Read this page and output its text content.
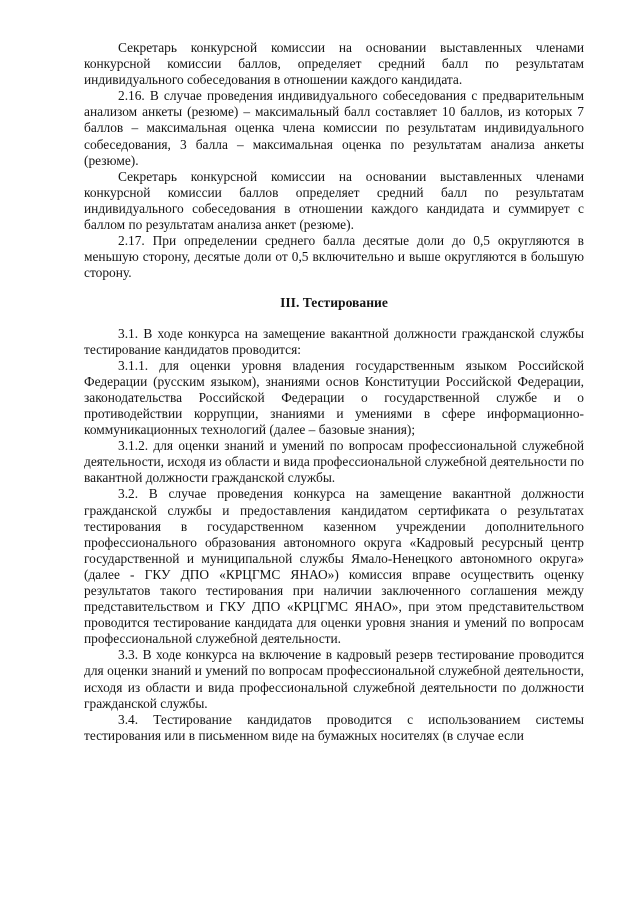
Секретарь конкурсной комиссии на основании выставленных членами конкурсной комиссии баллов, определяет средний балл по результатам индивидуального собеседования в отношении каждого кандидата.

2.16. В случае проведения индивидуального собеседования с предварительным анализом анкеты (резюме) – максимальный балл составляет 10 баллов, из которых 7 баллов – максимальная оценка члена комиссии по результатам индивидуального собеседования, 3 балла – максимальная оценка по результатам анализа анкеты (резюме).

Секретарь конкурсной комиссии на основании выставленных членами конкурсной комиссии баллов определяет средний балл по результатам индивидуального собеседования в отношении каждого кандидата и суммирует с баллом по результатам анализа анкет (резюме).

2.17. При определении среднего балла десятые доли до 0,5 округляются в меньшую сторону, десятые доли от 0,5 включительно и выше округляются в большую сторону.

III. Тестирование

3.1. В ходе конкурса на замещение вакантной должности гражданской службы тестирование кандидатов проводится:

3.1.1. для оценки уровня владения государственным языком Российской Федерации (русским языком), знаниями основ Конституции Российской Федерации, законодательства Российской Федерации о государственной службе и о противодействии коррупции, знаниями и умениями в сфере информационно-коммуникационных технологий (далее – базовые знания);

3.1.2. для оценки знаний и умений по вопросам профессиональной служебной деятельности, исходя из области и вида профессиональной служебной деятельности по вакантной должности гражданской службы.

3.2. В случае проведения конкурса на замещение вакантной должности гражданской службы и предоставления кандидатом сертификата о результатах тестирования в государственном казенном учреждении дополнительного профессионального образования автономного округа «Кадровый ресурсный центр государственной и муниципальной службы Ямало-Ненецкого автономного округа» (далее - ГКУ ДПО «КРЦГМС ЯНАО») комиссия вправе осуществить оценку результатов такого тестирования при наличии заключенного соглашения между представительством и ГКУ ДПО «КРЦГМС ЯНАО», при этом представительством проводится тестирование кандидата для оценки уровня знания и умений по вопросам профессиональной служебной деятельности.

3.3. В ходе конкурса на включение в кадровый резерв тестирование проводится для оценки знаний и умений по вопросам профессиональной служебной деятельности, исходя из области и вида профессиональной служебной деятельности по должности гражданской службы.

3.4. Тестирование кандидатов проводится с использованием системы тестирования или в письменном виде на бумажных носителях (в случае если
